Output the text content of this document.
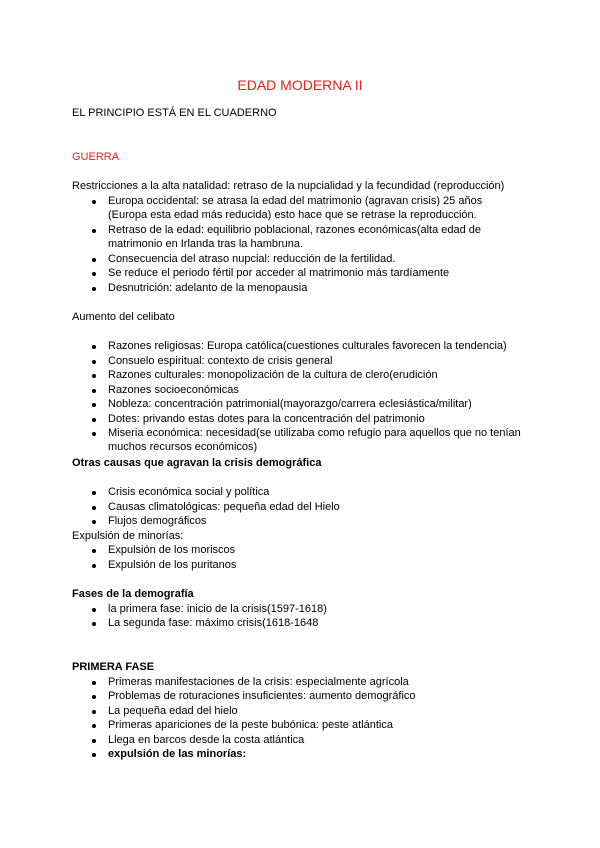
EDAD MODERNA II
EL PRINCIPIO ESTÁ EN EL CUADERNO
GUERRA
Restricciones a la alta natalidad: retraso de la nupcialidad y la fecundidad (reproducción)
Europa occidental: se atrasa la edad del matrimonio (agravan crisis) 25 años
(Europa esta edad más reducida) esto hace que se retrase la reproducción.
Retraso de la edad: equilibrio poblacional, razones económicas(alta edad de
matrimonio en Irlanda tras la hambruna.
Consecuencia del atraso nupcial: reducción de la fertilidad.
Se reduce el periodo fértil por acceder al matrimonio más tardíamente
Desnutrición: adelanto de la menopausia
Aumento del celibato
Razones religiosas: Europa católica(cuestiones culturales favorecen la tendencia)
Consuelo espiritual: contexto de crisis general
Razones culturales: monopolización de la cultura de clero(erudición
Razones socioeconómicas
Nobleza: concentración patrimonial(mayorazgo/carrera eclesiástica/militar)
Dotes: privando estas dotes para la concentración del patrimonio
Miseria económica: necesidad(se utilizaba como refugio para aquellos que no tenían
muchos recursos económicos)
Otras causas que agravan la crisis demográfica
Crisis económica social y política
Causas climatológicas: pequeña edad del Hielo
Flujos demográficos
Expulsión de minorías:
Expulsión de los moriscos
Expulsión de los puritanos
Fases de la demografía
la primera fase: inicio de la crisis(1597-1618)
La segunda fase: máximo crisis(1618-1648
PRIMERA FASE
Primeras manifestaciones de la crisis: especialmente agrícola
Problemas de roturaciones insuficientes: aumento demográfico
La pequeña edad del hielo
Primeras apariciones de la peste bubónica: peste atlántica
Llega en barcos desde la costa atlántica
expulsión de las minorías:
